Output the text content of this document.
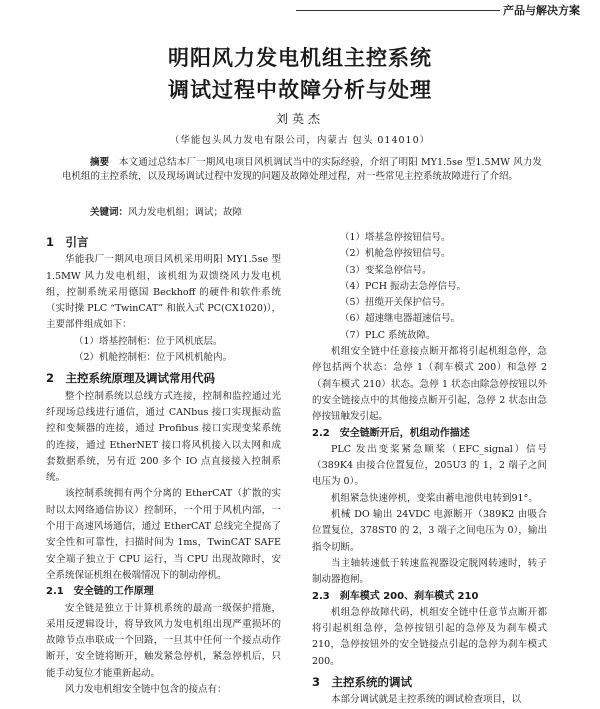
产品与解决方案
明阳风力发电机组主控系统
调试过程中故障分析与处理
刘英杰
（华能包头风力发电有限公司，内蒙古 包头 014010）

摘要　 本文通过总结本厂一期风电项目风机调试当中的实际经验，介绍了明阳 MY1.5se 型1.5MW 风力发电机组的主控系统，以及现场调试过程中发现的问题及故障处理过程，对一些常见主控系统故障进行了介绍。

关键词：风力发电机组；调试；故障
1　引言

华能我厂一期风电项目风机采用明阳 MY1.5se 型 1.5MW 风力发电机组，该机组为双馈绕风力发电机组，控制系统采用德国 Beckhoff 的硬件和软件系统（实时操 PLC “TwinCAT” 和嵌入式 PC(CX1020)），主要部件组成如下：

（1）塔基控制柜：位于风机底层。

（2）机舱控制柜：位于风机机舱内。

2　主控系统原理及调试常用代码

整个控制系统以总线方式连接，控制和监控通过光纤现场总线进行通信，通过 CANbus 接口实现振动监控和变频器的连接，通过 Profibus 接口实现变桨系统的连接，通过 EtherNET 接口将风机接入以太网和成套数据系统，另有近 200 多个 IO 点直接接入控制系统。

该控制系统拥有两个分离的 EtherCAT（扩散的实时以太网络通信协议）控制环，一个用于风机内部，一个用于高速风场通信，通过 EtherCAT 总线完全提高了安全性和可靠性，扫描时间为 1ms，TwinCAT SAFE 安全端子独立于 CPU 运行，当 CPU 出现故障时，安全系统保证机组在极端情况下的制动停机。

2.1　安全链的工作原理

安全链是独立于计算机系统的最高一级保护措施，采用反逻辑设计，将导致风力发电机组出现严重损坏的故障节点串联成一个回路，一旦其中任何一个接点动作断开，安全链将断开，触发紧急停机，紧急停机后，只能手动复位才能重新起动。

风力发电机组安全链中包含的接点有：

（1）塔基急停按钮信号。

（2）机舱急停按钮信号。

（3）变桨急停信号。

（4）PCH 振动去急停信号。

（5）扭缆开关保护信号。

（6）超速继电器超速信号。

（7）PLC 系统故障。

机组安全链中任意接点断开都将引起机组急停，急停包括两个状态：急停 1（刹车模式 200）和急停 2（刹车模式 210）状态。急停 1 状态由除急停按钮以外的安全链接点中的其他接点断开引起，急停 2 状态由急停按钮触发引起。

2.2　安全链断开后，机组动作描述

PLC 发出变桨紧急顺桨（EFC_signal）信号（389K4 由接合位置复位，205U3 的 1，2 端子之间电压为 0）。

机组紧急快速停机，变桨由蓄电池供电转到91°。

机械 DO 输出 24VDC 电源断开（389K2 由吸合位置复位，378ST0 的 2，3 端子之间电压为 0），输出指令切断。

当主轴转速低于转速监视器设定脱网转速时，转子制动器抱闸。

2.3　刹车模式 200、刹车模式 210

机组急停故障代码，机组安全链中任意节点断开都将引起机组急停，急停按钮引起的急停及为刹车模式 210，急停按钮外的安全链接点引起的急停为刹车模式 200。

3　主控系统的调试

本部分调试就是主控系统的调试检查项目，以
